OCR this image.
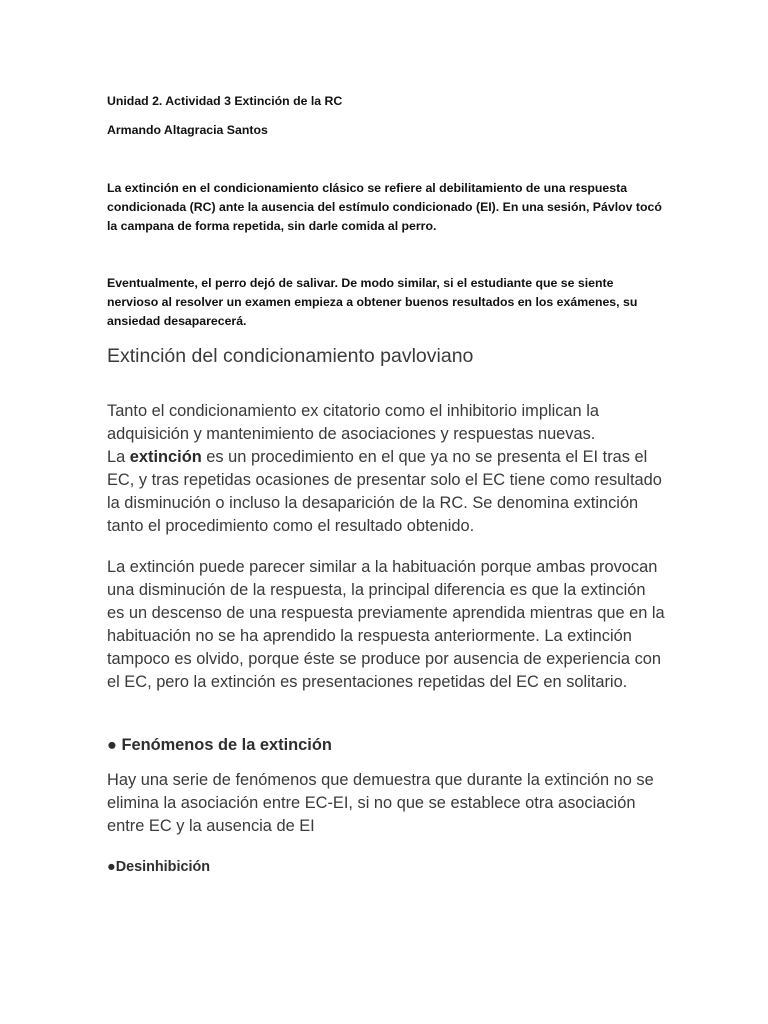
Unidad 2. Actividad 3 Extinción de la RC

Armando Altagracia Santos

La extinción en el condicionamiento clásico se refiere al debilitamiento de una respuesta condicionada (RC) ante la ausencia del estímulo condicionado (EI). En una sesión, Pávlov tocó la campana de forma repetida, sin darle comida al perro.

Eventualmente, el perro dejó de salivar. De modo similar, si el estudiante que se siente nervioso al resolver un examen empieza a obtener buenos resultados en los exámenes, su ansiedad desaparecerá.

Extinción del condicionamiento pavloviano
Tanto el condicionamiento ex citatorio como el inhibitorio implican la adquisición y mantenimiento de asociaciones y respuestas nuevas.
La extinción es un procedimiento en el que ya no se presenta el EI tras el EC, y tras repetidas ocasiones de presentar solo el EC tiene como resultado la disminución o incluso la desaparición de la RC. Se denomina extinción tanto el procedimiento como el resultado obtenido.

La extinción puede parecer similar a la habituación porque ambas provocan una disminución de la respuesta, la principal diferencia es que la extinción es un descenso de una respuesta previamente aprendida mientras que en la habituación no se ha aprendido la respuesta anteriormente. La extinción tampoco es olvido, porque éste se produce por ausencia de experiencia con el EC, pero la extinción es presentaciones repetidas del EC en solitario.

● Fenómenos de la extinción

Hay una serie de fenómenos que demuestra que durante la extinción no se elimina la asociación entre EC-EI, si no que se establece otra asociación entre EC y la ausencia de EI

●Desinhibición
